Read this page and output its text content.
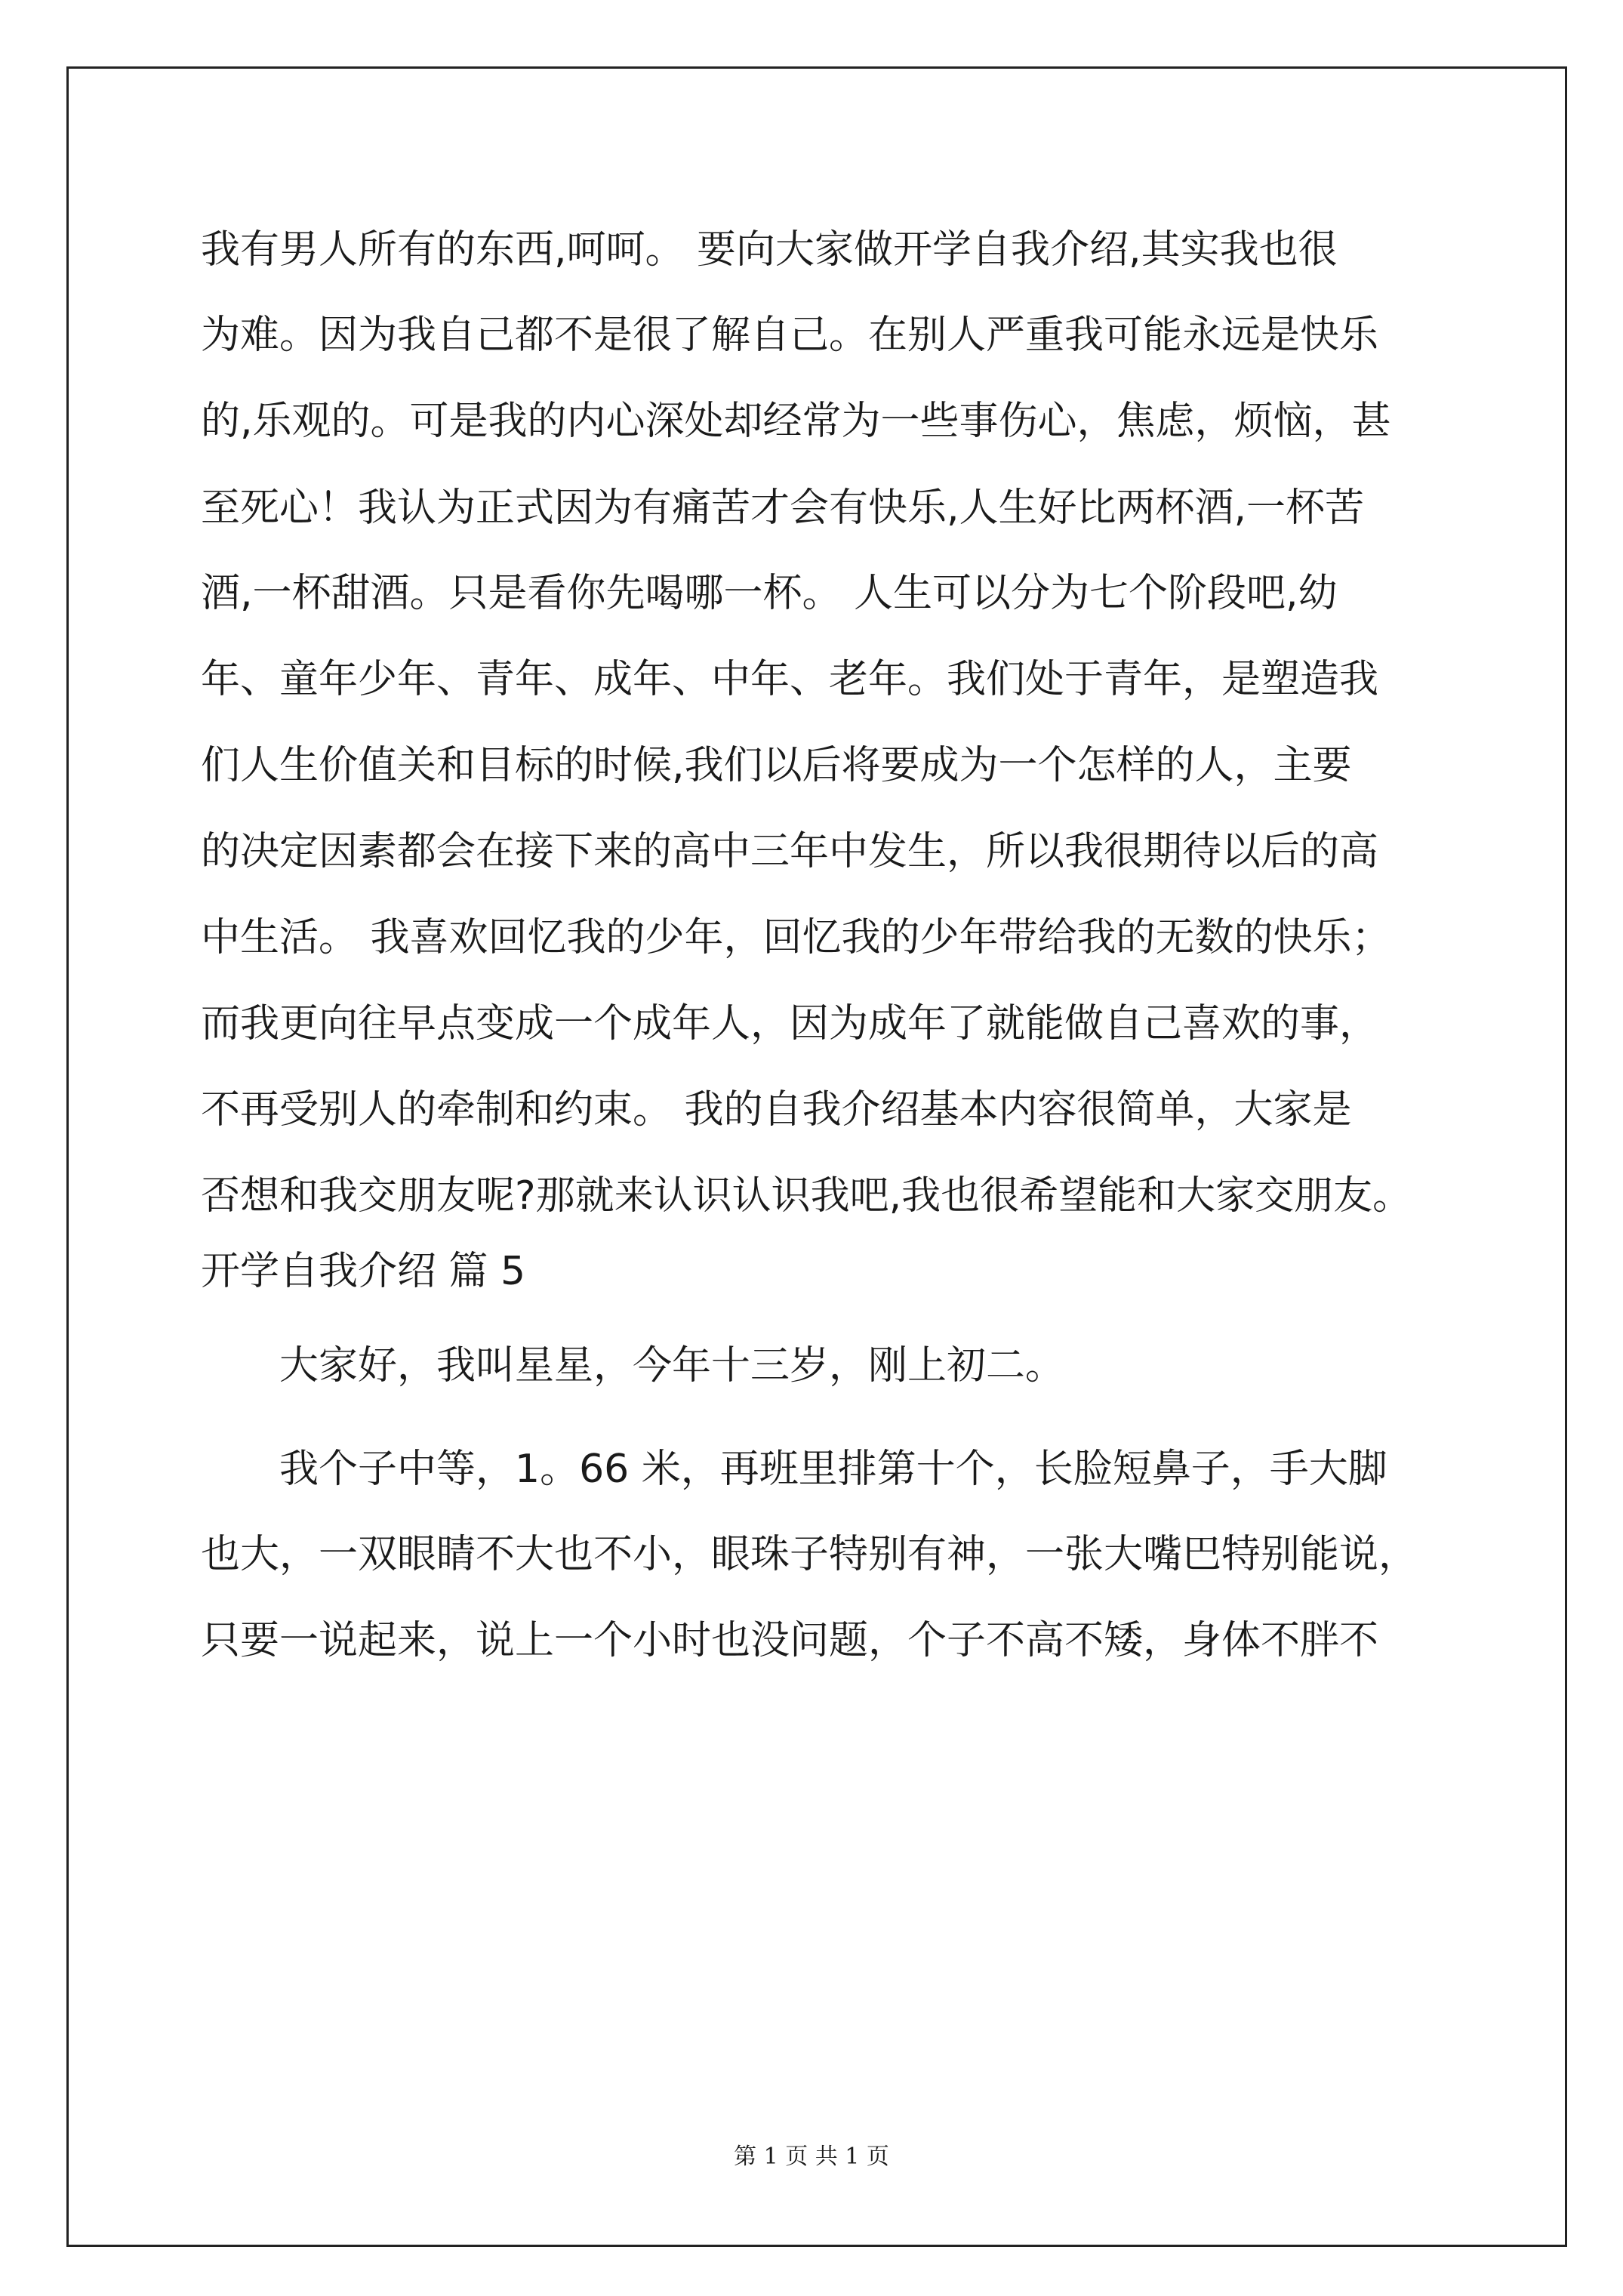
我有男人所有的东西,呵呵。 要向大家做开学自我介绍,其实我也很
为难。因为我自己都不是很了解自己。在别人严重我可能永远是快乐
的,乐观的。可是我的内心深处却经常为一些事伤心，焦虑，烦恼，甚
至死心！我认为正式因为有痛苦才会有快乐,人生好比两杯酒,一杯苦
酒,一杯甜酒。只是看你先喝哪一杯。 人生可以分为七个阶段吧,幼
年、童年少年、青年、成年、中年、老年。我们处于青年，是塑造我
们人生价值关和目标的时候,我们以后将要成为一个怎样的人，主要
的决定因素都会在接下来的高中三年中发生，所以我很期待以后的高
中生活。 我喜欢回忆我的少年，回忆我的少年带给我的无数的快乐；
而我更向往早点变成一个成年人，因为成年了就能做自己喜欢的事，
不再受别人的牵制和约束。 我的自我介绍基本内容很简单，大家是
否想和我交朋友呢?那就来认识认识我吧,我也很希望能和大家交朋友。
开学自我介绍 篇 5
大家好，我叫星星，今年十三岁，刚上初二。
我个子中等，1。66 米，再班里排第十个，长脸短鼻子，手大脚
也大，一双眼睛不大也不小，眼珠子特别有神，一张大嘴巴特别能说，
只要一说起来，说上一个小时也没问题，个子不高不矮，身体不胖不
第 1 页 共 1 页
